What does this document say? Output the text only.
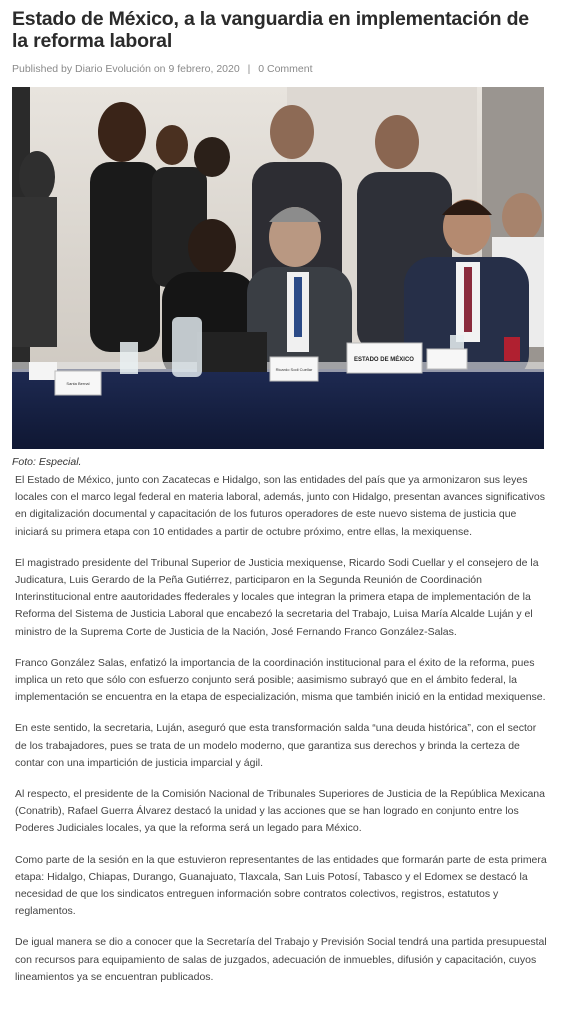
Estado de México, a la vanguardia en implementación de la reforma laboral
Published by Diario Evolución on 9 febrero, 2020 | 0 Comment
ESTADO DE MÉXICO
Ricardo Sodi Cuellar
Santa Bernal
Foto: Especial.

El Estado de México, junto con Zacatecas e Hidalgo, son las entidades del país que ya armonizaron sus leyes locales con el marco legal federal en materia laboral, además, junto con Hidalgo, presentan avances significativos en digitalización documental y capacitación de los futuros operadores de este nuevo sistema de justicia que iniciará su primera etapa con 10 entidades a partir de octubre próximo, entre ellas, la mexiquense.

El magistrado presidente del Tribunal Superior de Justicia mexiquense, Ricardo Sodi Cuellar y el consejero de la Judicatura, Luis Gerardo de la Peña Gutiérrez, participaron en la Segunda Reunión de Coordinación Interinstitucional entre aautoridades ffederales y locales que integran la primera etapa de implementación de la Reforma del Sistema de Justicia Laboral que encabezó la secretaria del Trabajo, Luisa María Alcalde Luján y el ministro de la Suprema Corte de Justicia de la Nación, José Fernando Franco González-Salas.

Franco González Salas, enfatizó la importancia de la coordinación institucional para el éxito de la reforma, pues implica un reto que sólo con esfuerzo conjunto será posible; aasimismo subrayó que en el ámbito federal, la implementación se encuentra en la etapa de especialización, misma que también inició en la entidad mexiquense.

En este sentido, la secretaria, Luján, aseguró que esta transformación salda “una deuda histórica”, con el sector de los trabajadores, pues se trata de un modelo moderno, que garantiza sus derechos y brinda la certeza de contar con una impartición de justicia imparcial y ágil.

Al respecto, el presidente de la Comisión Nacional de Tribunales Superiores de Justicia de la República Mexicana (Conatrib), Rafael Guerra Álvarez destacó la unidad y las acciones que se han logrado en conjunto entre los Poderes Judiciales locales, ya que la reforma será un legado para México.

Como parte de la sesión en la que estuvieron representantes de las entidades que formarán parte de esta primera etapa: Hidalgo, Chiapas, Durango, Guanajuato, Tlaxcala, San Luis Potosí, Tabasco y el Edomex se destacó la necesidad de que los sindicatos entreguen información sobre contratos colectivos, registros, estatutos y reglamentos.

De igual manera se dio a conocer que la Secretaría del Trabajo y Previsión Social tendrá una partida presupuestal con recursos para equipamiento de salas de juzgados, adecuación de inmuebles, difusión y capacitación, cuyos lineamientos ya se encuentran publicados.
